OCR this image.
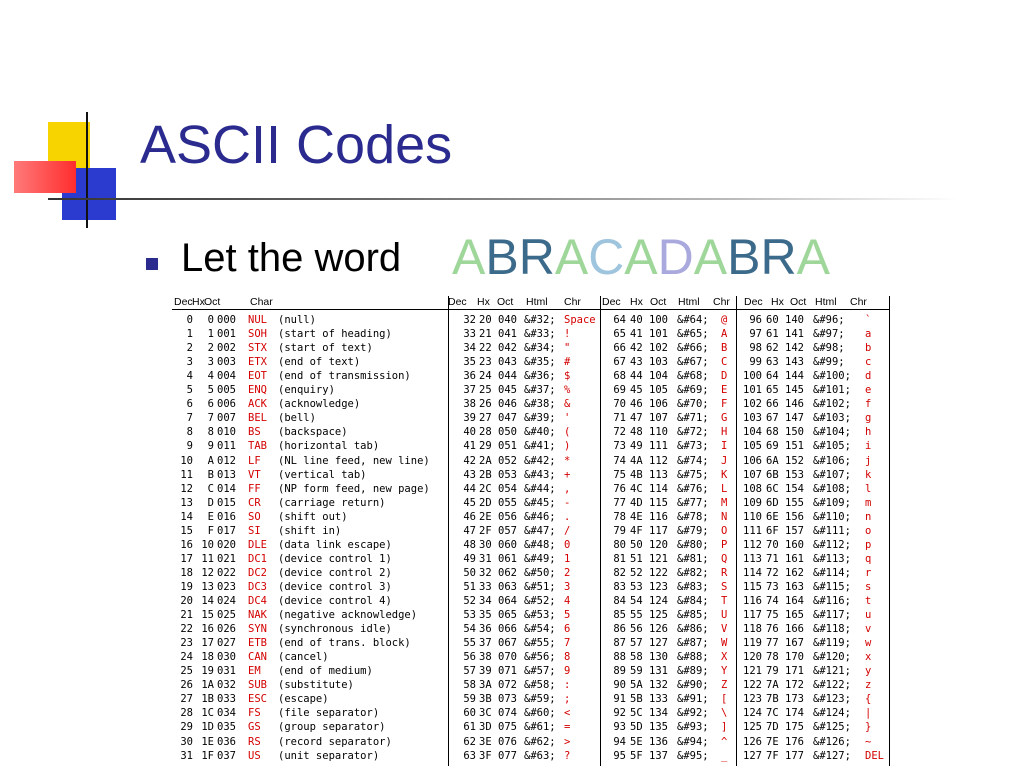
ASCII Codes
Let the word ABRACADABRA
Dec Hx Oct	Char	Dec Hx Oct Html Chr Dec Hx Oct Html Chr Dec Hx Oct Html Chr
0	0 000	NUL	(null)	32 20 040 &#32; Space	64 40 100 &#64;	@	96 60 140 &#96;	`
1	1 001	SOH	(start of heading)	33 21 041 &#33; !	65 41 101 &#65;	A	97 61 141 &#97;	a
2	2 002	STX	(start of text)	34 22 042 &#34; "	66 42 102 &#66;	B	98 62 142 &#98;	b
3	3 003	ETX	(end of text)	35 23 043 &#35; #	67 43 103 &#67;	C	99 63 143 &#99;	c
4	4 004	EOT	(end of transmission)	36 24 044 &#36; $	68 44 104 &#68;	D	100 64 144 &#100;	d
5	5 005	ENQ	(enquiry)	37 25 045 &#37; %	69 45 105 &#69;	E	101 65 145 &#101;	e
6	6 006	ACK	(acknowledge)	38 26 046 &#38; &	70 46 106 &#70;	F	102 66 146 &#102;	f
7	7 007	BEL	(bell)	39 27 047 &#39; '	71 47 107 &#71;	G	103 67 147 &#103;	g
8	8 010	BS	(backspace)	40 28 050 &#40; (	72 48 110 &#72;	H	104 68 150 &#104;	h
9	9 011	TAB	(horizontal tab)	41 29 051 &#41; )	73 49 111 &#73;	I	105 69 151 &#105;	i
10	A 012	LF	(NL line feed, new line)	42 2A 052 &#42; *	74 4A 112 &#74;	J	106 6A 152 &#106;	j
11	B 013	VT	(vertical tab)	43 2B 053 &#43; +	75 4B 113 &#75;	K	107 6B 153 &#107;	k
12	C 014	FF	(NP form feed, new page)	44 2C 054 &#44; ,	76 4C 114 &#76;	L	108 6C 154 &#108;	l
13	D 015	CR	(carriage return)	45 2D 055 &#45; -	77 4D 115 &#77;	M	109 6D 155 &#109;	m
14	E 016	SO	(shift out)	46 2E 056 &#46; .	78 4E 116 &#78;	N	110 6E 156 &#110;	n
15	F 017	SI	(shift in)	47 2F 057 &#47; /	79 4F 117 &#79;	O	111 6F 157 &#111;	o
16 10 020	DLE	(data link escape)	48 30 060 &#48; 0	80 50 120 &#80;	P	112 70 160 &#112;	p
17 11 021	DC1	(device control 1)	49 31 061 &#49; 1	81 51 121 &#81;	Q	113 71 161 &#113;	q
18 12 022	DC2	(device control 2)	50 32 062 &#50; 2	82 52 122 &#82;	R	114 72 162 &#114;	r
19 13 023	DC3	(device control 3)	51 33 063 &#51; 3	83 53 123 &#83;	S	115 73 163 &#115;	s
20 14 024	DC4	(device control 4)	52 34 064 &#52; 4	84 54 124 &#84;	T	116 74 164 &#116;	t
21 15 025	NAK	(negative acknowledge)	53 35 065 &#53; 5	85 55 125 &#85;	U	117 75 165 &#117;	u
22 16 026	SYN	(synchronous idle)	54 36 066 &#54; 6	86 56 126 &#86;	V	118 76 166 &#118;	v
23 17 027	ETB	(end of trans. block)	55 37 067 &#55; 7	87 57 127 &#87;	W	119 77 167 &#119;	w
24 18 030	CAN	(cancel)	56 38 070 &#56; 8	88 58 130 &#88;	X	120 78 170 &#120;	x
25 19 031	EM	(end of medium)	57 39 071 &#57; 9	89 59 131 &#89;	Y	121 79 171 &#121;	y
26 1A 032	SUB	(substitute)	58 3A 072 &#58; :	90 5A 132 &#90;	Z	122 7A 172 &#122;	z
27 1B 033	ESC	(escape)	59 3B 073 &#59; ;	91 5B 133 &#91;	[	123 7B 173 &#123;	{
28 1C 034	FS	(file separator)	60 3C 074 &#60; <	92 5C 134 &#92;	\	124 7C 174 &#124;	|
29 1D 035	GS	(group separator)	61 3D 075 &#61; =	93 5D 135 &#93;	]	125 7D 175 &#125;	}
30 1E 036	RS	(record separator)	62 3E 076 &#62; >	94 5E 136 &#94;	^	126 7E 176 &#126;	~
31 1F 037	US	(unit separator)	63 3F 077 &#63; ?	95 5F 137 &#95;	_	127 7F 177 &#127;	DEL
